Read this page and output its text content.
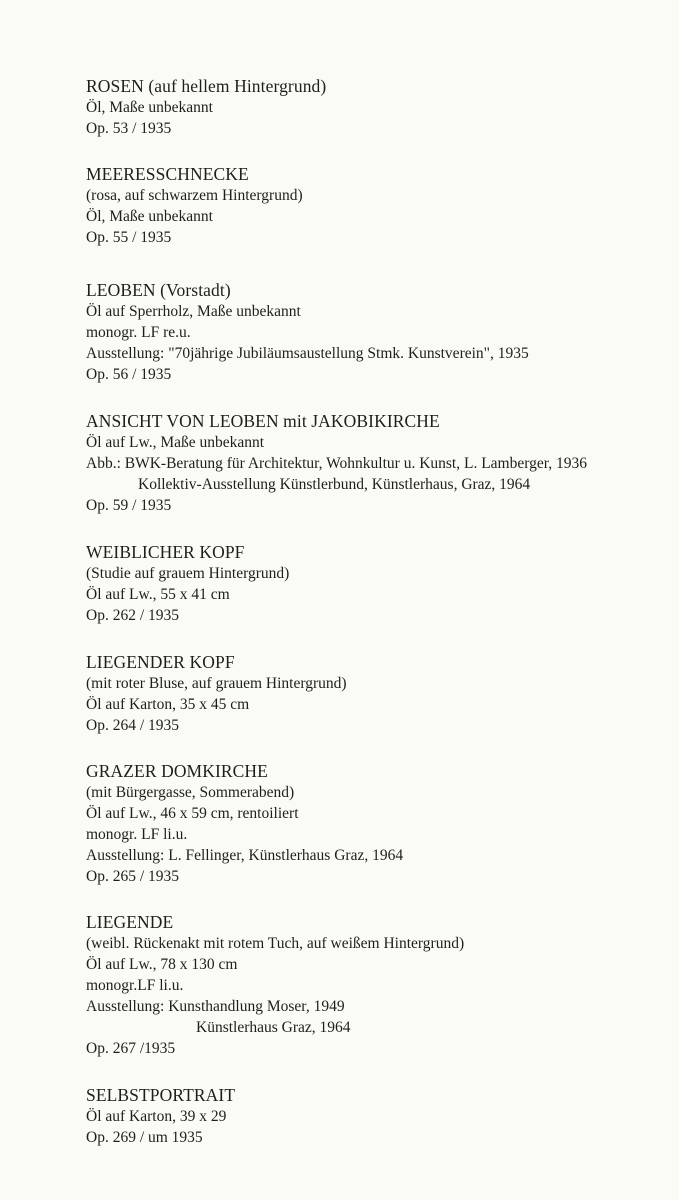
ROSEN (auf hellem Hintergrund)
Öl, Maße unbekannt
Op. 53 / 1935
MEERESSCHNECKE
(rosa, auf schwarzem Hintergrund)
Öl, Maße unbekannt
Op. 55 / 1935
LEOBEN (Vorstadt)
Öl auf Sperrholz, Maße unbekannt
monogr. LF re.u.
Ausstellung: "70jährige Jubiläumsaustellung Stmk. Kunstverein", 1935
Op. 56 / 1935
ANSICHT VON LEOBEN mit JAKOBIKIRCHE
Öl auf Lw., Maße unbekannt
Abb.: BWK-Beratung für Architektur, Wohnkultur u. Kunst, L. Lamberger, 1936
Kollektiv-Ausstellung Künstlerbund, Künstlerhaus, Graz, 1964
Op. 59 / 1935
WEIBLICHER KOPF
(Studie auf grauem Hintergrund)
Öl auf Lw., 55 x 41 cm
Op. 262 / 1935
LIEGENDER KOPF
(mit roter Bluse, auf grauem Hintergrund)
Öl auf Karton, 35 x 45 cm
Op. 264 / 1935
GRAZER DOMKIRCHE
(mit Bürgergasse, Sommerabend)
Öl auf Lw., 46 x 59 cm, rentoiliert
monogr. LF li.u.
Ausstellung: L. Fellinger, Künstlerhaus Graz, 1964
Op. 265 / 1935
LIEGENDE
(weibl. Rückenakt mit rotem Tuch, auf weißem Hintergrund)
Öl auf Lw., 78 x 130 cm
monogr.LF li.u.
Ausstellung: Kunsthandlung Moser, 1949
Künstlerhaus Graz, 1964
Op. 267 /1935
SELBSTPORTRAIT
Öl auf Karton, 39 x 29
Op. 269 / um 1935
